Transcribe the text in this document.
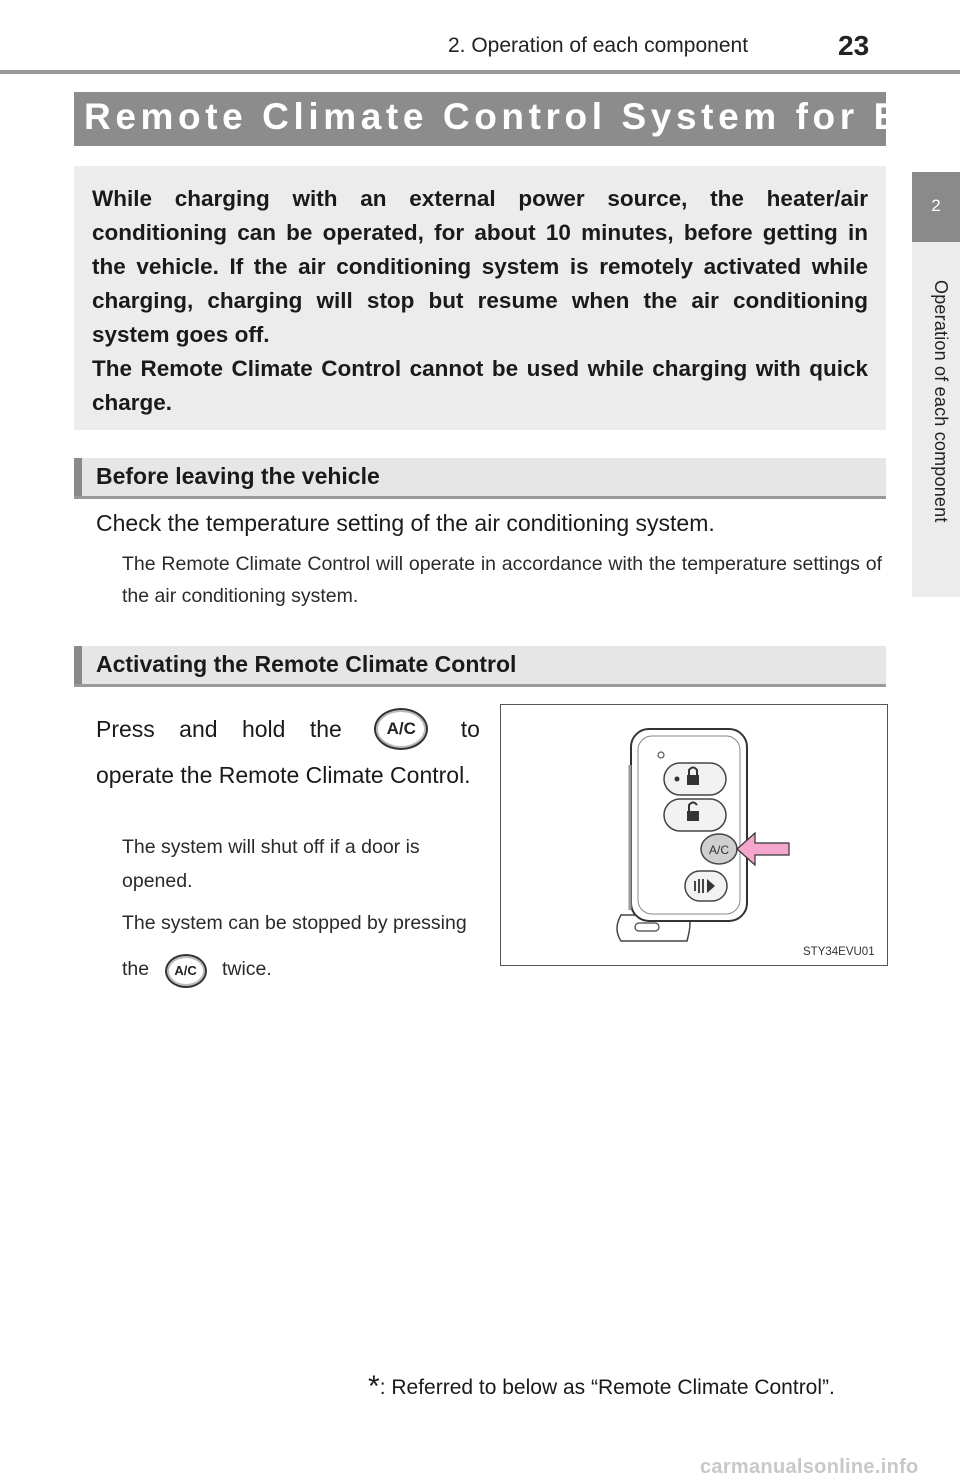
2. Operation of each component	23
2
Operation of each component
Remote Climate Control System for EV*
While charging with an external power source, the heater/air conditioning can be operated, for about 10 minutes, before getting in the vehicle. If the air conditioning system is remotely activated while charging, charging will stop but resume when the air conditioning system goes off.
The Remote Climate Control cannot be used while charging with quick charge.
Before leaving the vehicle
Check the temperature setting of the air conditioning system.
The Remote Climate Control will operate in accordance with the temperature settings of the air conditioning system.
Activating the Remote Climate Control
Press and hold the	A/C	to
operate the Remote Climate Control.
The system will shut off if a door is opened.
The system can be stopped by pressing the A/C twice.
A/C
STY34EVU01
*: Referred to below as “Remote Climate Control”.
carmanualsonline.info
